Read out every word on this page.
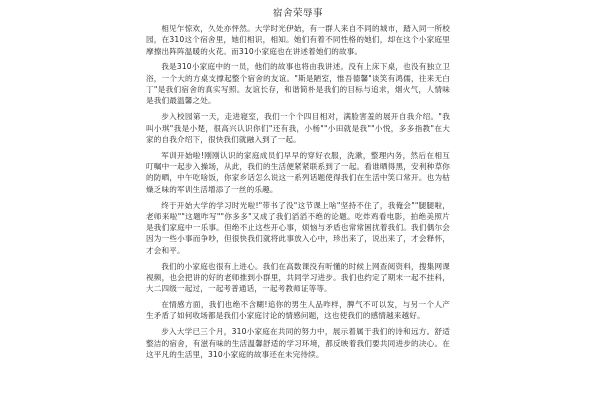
宿舍荣辱事

相见乍惊欢，久处亦怦然。大学时光伊始，有一群人来自不同的城市，踏入同一所校园，在310这个宿舍里，她们相识，相知。她们有着不同性格的她们，却在这个小家庭里摩擦出阵阵温暖的火花。而310小家庭也在讲述着她们的故事。

我是310小家庭中的一员，他们的故事也将由我讲述。没有上床下桌，也没有独立卫浴，一个大的方桌支撑起整个宿舍的友谊。"斯是陋室，惟吾德馨"谈笑有鸿儒，往来无白丁"是我们宿舍的真实写照。友谊长存，和谐简朴是我们的目标与追求，烟火气，人情味是我们最温馨之处。

步入校园第一天，走进寝室，我们一个个四目相对，满脸害羞的展开自我介绍。"我叫小琪"我是小楚，很高兴认识你们"还有我，小杨""小田就是我""小悦，多多指教"在大家的自我介绍下，很快我们就融入到了一起。

军训开始啦!刚刚认识的家庭成员们早早的穿好衣服，洗漱，整理内务，然后在相互叮嘱中一起步入操场，从此，我们的生活便紧紧联系到了一起。看谁晒得黑，安利种草你的防晒，中午吃啥饭，你家乡话怎么说这一系列话题使得我们在生活中笑口常开。也为枯燥乏味的军训生活增添了一丝的乐趣。

终于开始大学的学习时光啦!"带书了没"这节课上啥"坚持不住了，我俺会""腿腿啦，老师来啦""这题咋写""你多多"又成了我们滔滔不绝的论题。吃炸鸡看电影，拍绝美照片是我们家庭中一乐事。但绝不止这些开心事，烦恼与矛盾也常常困扰着我们。我们偶尔会因为一些小事而争吵，但很快我们就将此事放入心中，珍出来了，说出来了，才会释怀，才会和平。

我们的小家庭也很有上进心。我们在高数课没有听懂的时候上网查阅资料，搜集网课视频，也会把讲的好的老师推到小群里，共同学习进步。我们也约定了期末一起不挂科，大二四级一起过，一起考普通话，一起考教师证等等。

在情感方面，我们也绝不含糊!追你的男生人品咋样，脾气不可以发，与另一个人产生矛盾了如何收场都是我们小家庭讨论的情感问题，这也使我们的感情越来越好。

步入大学已三个月，310小家庭在共同的努力中，展示着属于我们的诗和远方。舒适整洁的宿舍，有滋有味的生活温馨舒适的学习环境，都反映着我们要共同进步的决心。在这平凡的生活里，310小家庭的故事还在未完待续。
